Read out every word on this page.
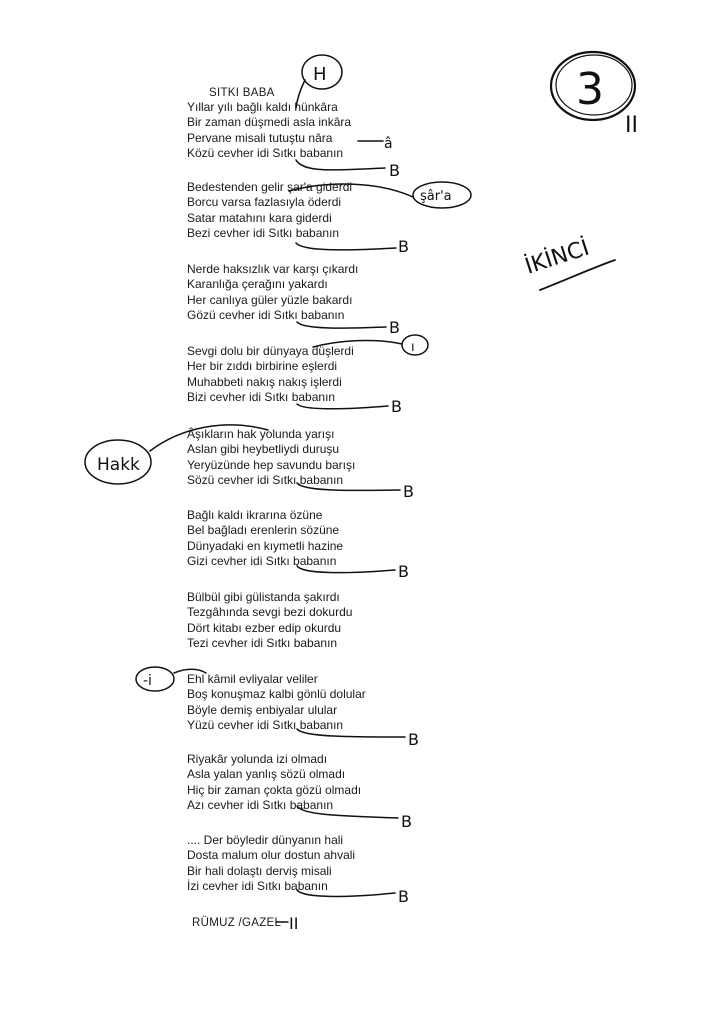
SITKI BABA
Yıllar yılı bağlı kaldı hünkâra
Bir zaman düşmedi asla inkâra
Pervane misali tutuştu nâra
Közü cevher idi Sıtkı babanın
Bedestenden gelir şar'a giderdi
Borcu varsa fazlasıyla öderdi
Satar matahını kara giderdi
Bezi cevher idi Sıtkı babanın
Nerde haksızlık var karşı çıkardı
Karanlığa çerağını yakardı
Her canlıya güler yüzle bakardı
Gözü cevher idi Sıtkı babanın
Sevgi dolu bir dünyaya düşlerdi
Her bir zıddı birbirine eşlerdi
Muhabbeti nakış nakış işlerdi
Bizi cevher idi Sıtkı babanın
Âşıkların hak yolunda yarışı
Aslan gibi heybetliydi duruşu
Yeryüzünde hep savundu barışı
Sözü cevher idi Sıtkı babanın
Bağlı kaldı ikrarına özüne
Bel bağladı erenlerin sözüne
Dünyadaki en kıymetli hazine
Gizi cevher idi Sıtkı babanın
Bülbül gibi gülistanda şakırdı
Tezgâhında sevgi bezi dokurdu
Dört kitabı ezber edip okurdu
Tezi cevher idi Sıtkı babanın
Ehl kâmil evliyalar veliler
Boş konuşmaz kalbi gönlü dolular
Böyle demiş enbiyalar ulular
Yüzü cevher idi Sıtkı babanın
Riyakâr yolunda izi olmadı
Asla yalan yanlış sözü olmadı
Hiç bir zaman çokta gözü olmadı
Azı cevher idi Sıtkı babanın
.... Der böyledir dünyanın hali
Dosta malum olur dostun ahvali
Bir hali dolaştı derviş misali
İzi cevher idi Sıtkı babanın
RÜMUZ /GAZEL
H
â
şâr'a
ı
Hakk
-i
B
B
B
B
B
B
B
B
B
3
II
İKİNCİ
II
